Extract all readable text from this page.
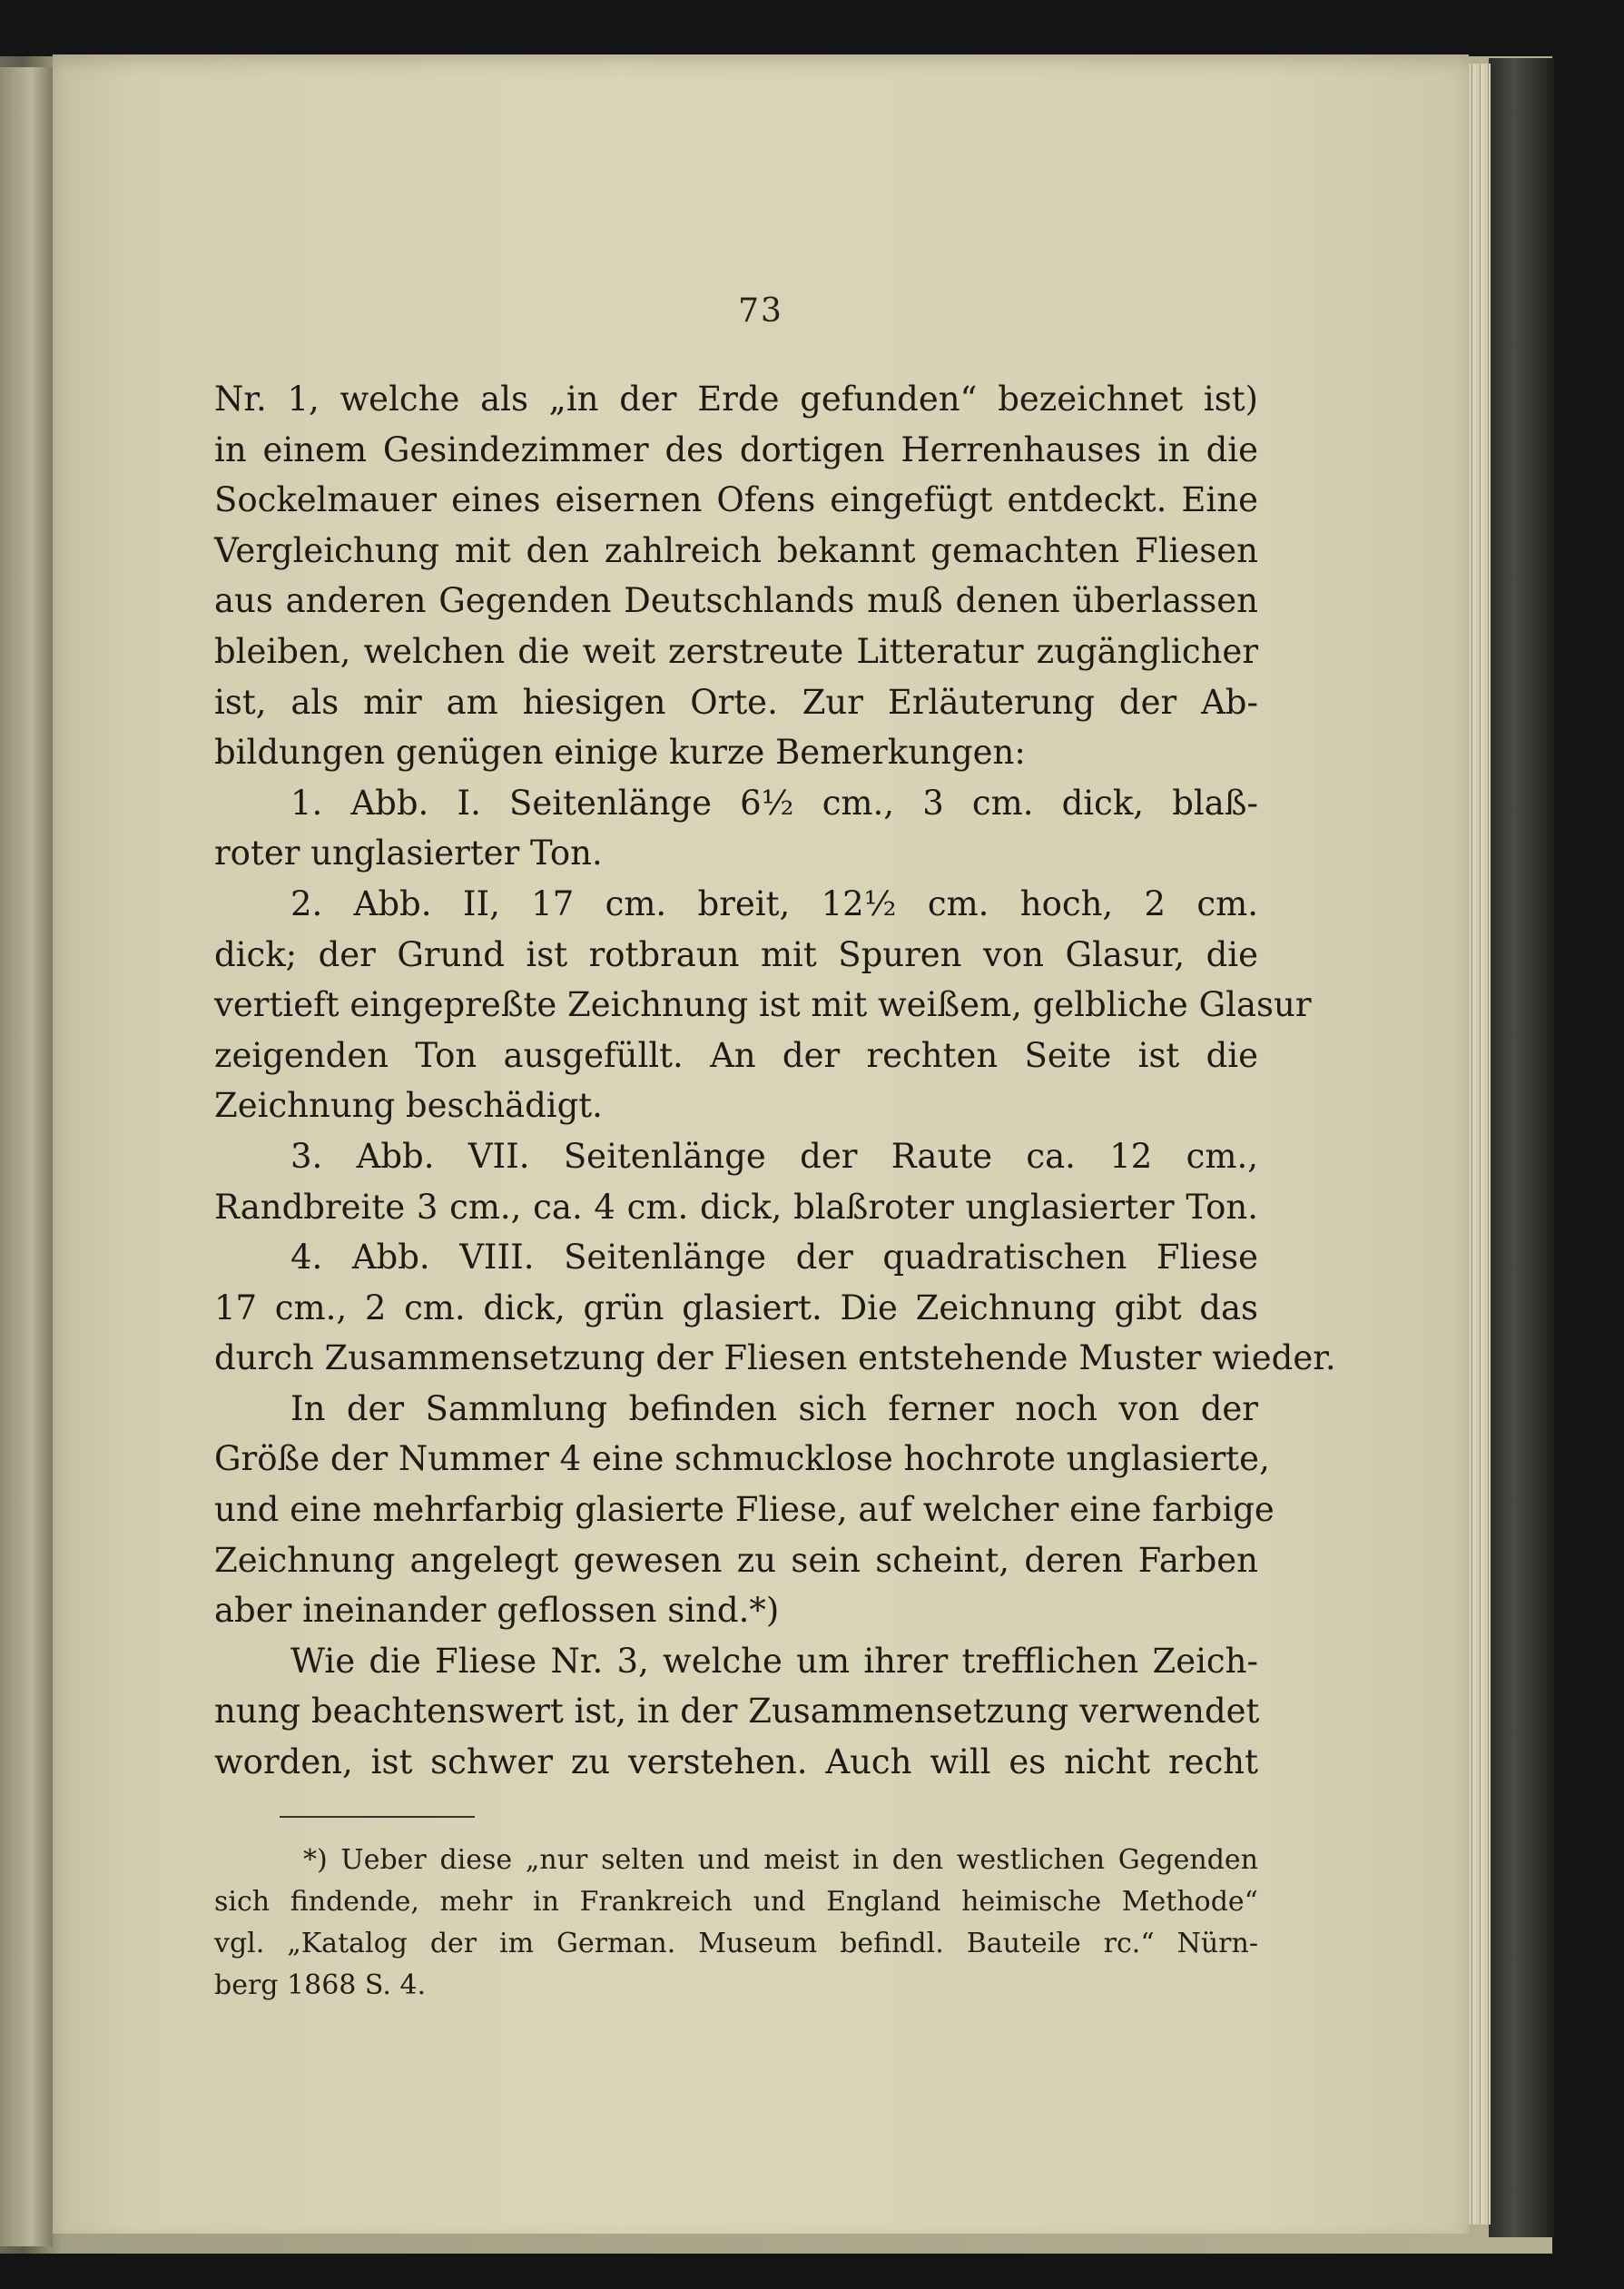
73
Nr. 1, welche als „in der Erde gefunden“ bezeichnet ist)
in einem Gesindezimmer des dortigen Herrenhauses in die
Sockelmauer eines eisernen Ofens eingefügt entdeckt. Eine
Vergleichung mit den zahlreich bekannt gemachten Fliesen
aus anderen Gegenden Deutschlands muß denen überlassen
bleiben, welchen die weit zerstreute Litteratur zugänglicher
ist, als mir am hiesigen Orte. Zur Erläuterung der Ab-
bildungen genügen einige kurze Bemerkungen:
1. Abb. I. Seitenlänge 6½ cm., 3 cm. dick, blaß-
roter unglasierter Ton.
2. Abb. II, 17 cm. breit, 12½ cm. hoch, 2 cm.
dick; der Grund ist rotbraun mit Spuren von Glasur, die
vertieft eingepreßte Zeichnung ist mit weißem, gelbliche Glasur
zeigenden Ton ausgefüllt. An der rechten Seite ist die
Zeichnung beschädigt.
3. Abb. VII. Seitenlänge der Raute ca. 12 cm.,
Randbreite 3 cm., ca. 4 cm. dick, blaßroter unglasierter Ton.
4. Abb. VIII. Seitenlänge der quadratischen Fliese
17 cm., 2 cm. dick, grün glasiert. Die Zeichnung gibt das
durch Zusammensetzung der Fliesen entstehende Muster wieder.
In der Sammlung befinden sich ferner noch von der
Größe der Nummer 4 eine schmucklose hochrote unglasierte,
und eine mehrfarbig glasierte Fliese, auf welcher eine farbige
Zeichnung angelegt gewesen zu sein scheint, deren Farben
aber ineinander geflossen sind.*)
Wie die Fliese Nr. 3, welche um ihrer trefflichen Zeich-
nung beachtenswert ist, in der Zusammensetzung verwendet
worden, ist schwer zu verstehen. Auch will es nicht recht
*) Ueber diese „nur selten und meist in den westlichen Gegenden
sich findende, mehr in Frankreich und England heimische Methode“
vgl. „Katalog der im German. Museum befindl. Bauteile rc.“ Nürn-
berg 1868 S. 4.
